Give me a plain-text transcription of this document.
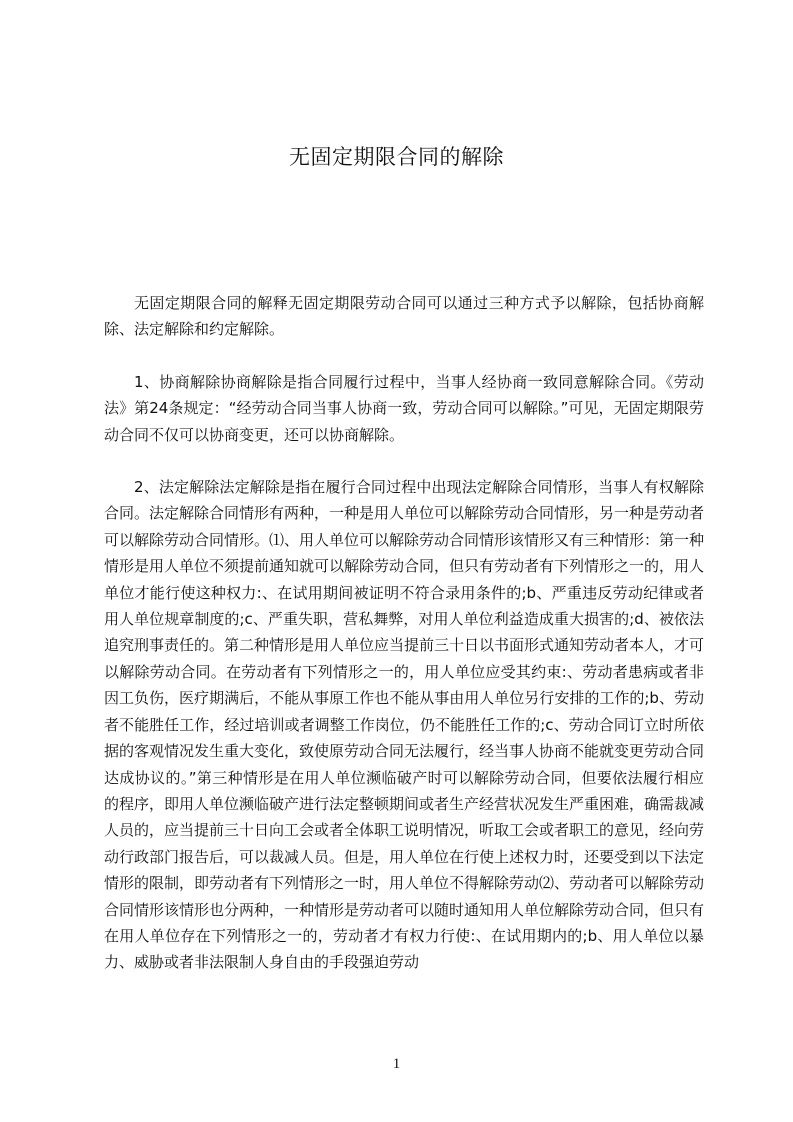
无固定期限合同的解除

无固定期限合同的解释无固定期限劳动合同可以通过三种方式予以解除，包括协商解除、法定解除和约定解除。

1、协商解除协商解除是指合同履行过程中，当事人经协商一致同意解除合同。《劳动法》第24条规定：“经劳动合同当事人协商一致，劳动合同可以解除。”可见，无固定期限劳动合同不仅可以协商变更，还可以协商解除。

2、法定解除法定解除是指在履行合同过程中出现法定解除合同情形，当事人有权解除合同。法定解除合同情形有两种，一种是用人单位可以解除劳动合同情形，另一种是劳动者可以解除劳动合同情形。⑴、用人单位可以解除劳动合同情形该情形又有三种情形：第一种情形是用人单位不须提前通知就可以解除劳动合同，但只有劳动者有下列情形之一的，用人单位才能行使这种权力:、在试用期间被证明不符合录用条件的;b、严重违反劳动纪律或者用人单位规章制度的;c、严重失职，营私舞弊，对用人单位利益造成重大损害的;d、被依法追究刑事责任的。第二种情形是用人单位应当提前三十日以书面形式通知劳动者本人，才可以解除劳动合同。在劳动者有下列情形之一的，用人单位应受其约束:、劳动者患病或者非因工负伤，医疗期满后，不能从事原工作也不能从事由用人单位另行安排的工作的;b、劳动者不能胜任工作，经过培训或者调整工作岗位，仍不能胜任工作的;c、劳动合同订立时所依据的客观情况发生重大变化，致使原劳动合同无法履行，经当事人协商不能就变更劳动合同达成协议的。”第三种情形是在用人单位濒临破产时可以解除劳动合同，但要依法履行相应的程序，即用人单位濒临破产进行法定整顿期间或者生产经营状况发生严重困难，确需裁减人员的，应当提前三十日向工会或者全体职工说明情况，听取工会或者职工的意见，经向劳动行政部门报告后，可以裁减人员。但是，用人单位在行使上述权力时，还要受到以下法定情形的限制，即劳动者有下列情形之一时，用人单位不得解除劳动⑵、劳动者可以解除劳动合同情形该情形也分两种，一种情形是劳动者可以随时通知用人单位解除劳动合同，但只有在用人单位存在下列情形之一的，劳动者才有权力行使:、在试用期内的;b、用人单位以暴力、威胁或者非法限制人身自由的手段强迫劳动

1
